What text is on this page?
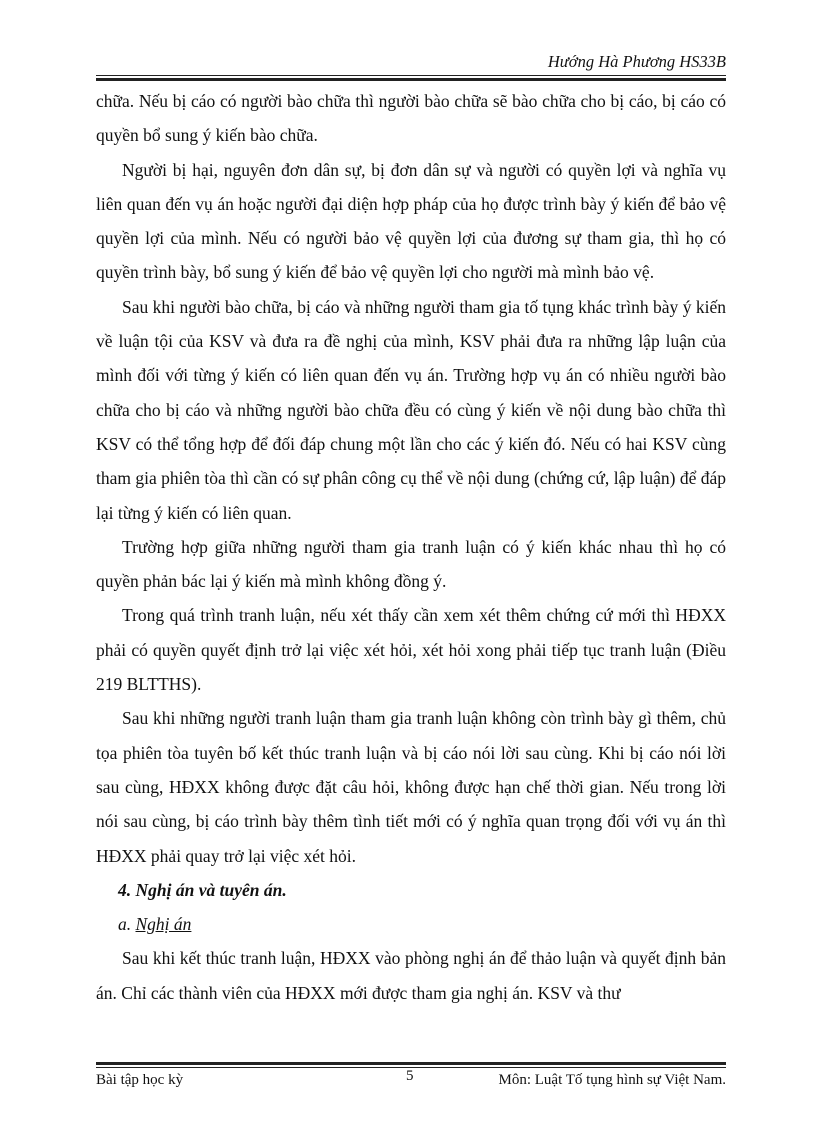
Hướng Hà Phương HS33B

chữa. Nếu bị cáo có người bào chữa thì người bào chữa sẽ bào chữa cho bị cáo, bị cáo có quyền bổ sung ý kiến bào chữa.

Người bị hại, nguyên đơn dân sự, bị đơn dân sự và người có quyền lợi và nghĩa vụ liên quan đến vụ án hoặc người đại diện hợp pháp của họ được trình bày ý kiến để bảo vệ quyền lợi của mình. Nếu có người bảo vệ quyền lợi của đương sự tham gia, thì họ có quyền trình bày, bổ sung ý kiến để bảo vệ quyền lợi cho người mà mình bảo vệ.

Sau khi người bào chữa, bị cáo và những người tham gia tố tụng khác trình bày ý kiến về luận tội của KSV và đưa ra đề nghị của mình, KSV phải đưa ra những lập luận của mình đối với từng ý kiến có liên quan đến vụ án. Trường hợp vụ án có nhiều người bào chữa cho bị cáo và những người bào chữa đều có cùng ý kiến về nội dung bào chữa thì KSV có thể tổng hợp để đối đáp chung một lần cho các ý kiến đó. Nếu có hai KSV cùng tham gia phiên tòa thì cần có sự phân công cụ thể về nội dung (chứng cứ, lập luận) để đáp lại từng ý kiến có liên quan.

Trường hợp giữa những người tham gia tranh luận có ý kiến khác nhau thì họ có quyền phản bác lại ý kiến mà mình không đồng ý.

Trong quá trình tranh luận, nếu xét thấy cần xem xét thêm chứng cứ mới thì HĐXX phải có quyền quyết định trở lại việc xét hỏi, xét hỏi xong phải tiếp tục tranh luận (Điều 219 BLTTHS).

Sau khi những người tranh luận tham gia tranh luận không còn trình bày gì thêm, chủ tọa phiên tòa tuyên bố kết thúc tranh luận và bị cáo nói lời sau cùng. Khi bị cáo nói lời sau cùng, HĐXX không được đặt câu hỏi, không được hạn chế thời gian. Nếu trong lời nói sau cùng, bị cáo trình bày thêm tình tiết mới có ý nghĩa quan trọng đối với vụ án thì HĐXX phải quay trở lại việc xét hỏi.

4. Nghị án và tuyên án.

a. Nghị án

Sau khi kết thúc tranh luận, HĐXX vào phòng nghị án để thảo luận và quyết định bản án. Chỉ các thành viên của HĐXX mới được tham gia nghị án. KSV và thư

Bài tập học kỳ	5	Môn: Luật Tố tụng hình sự Việt Nam.
